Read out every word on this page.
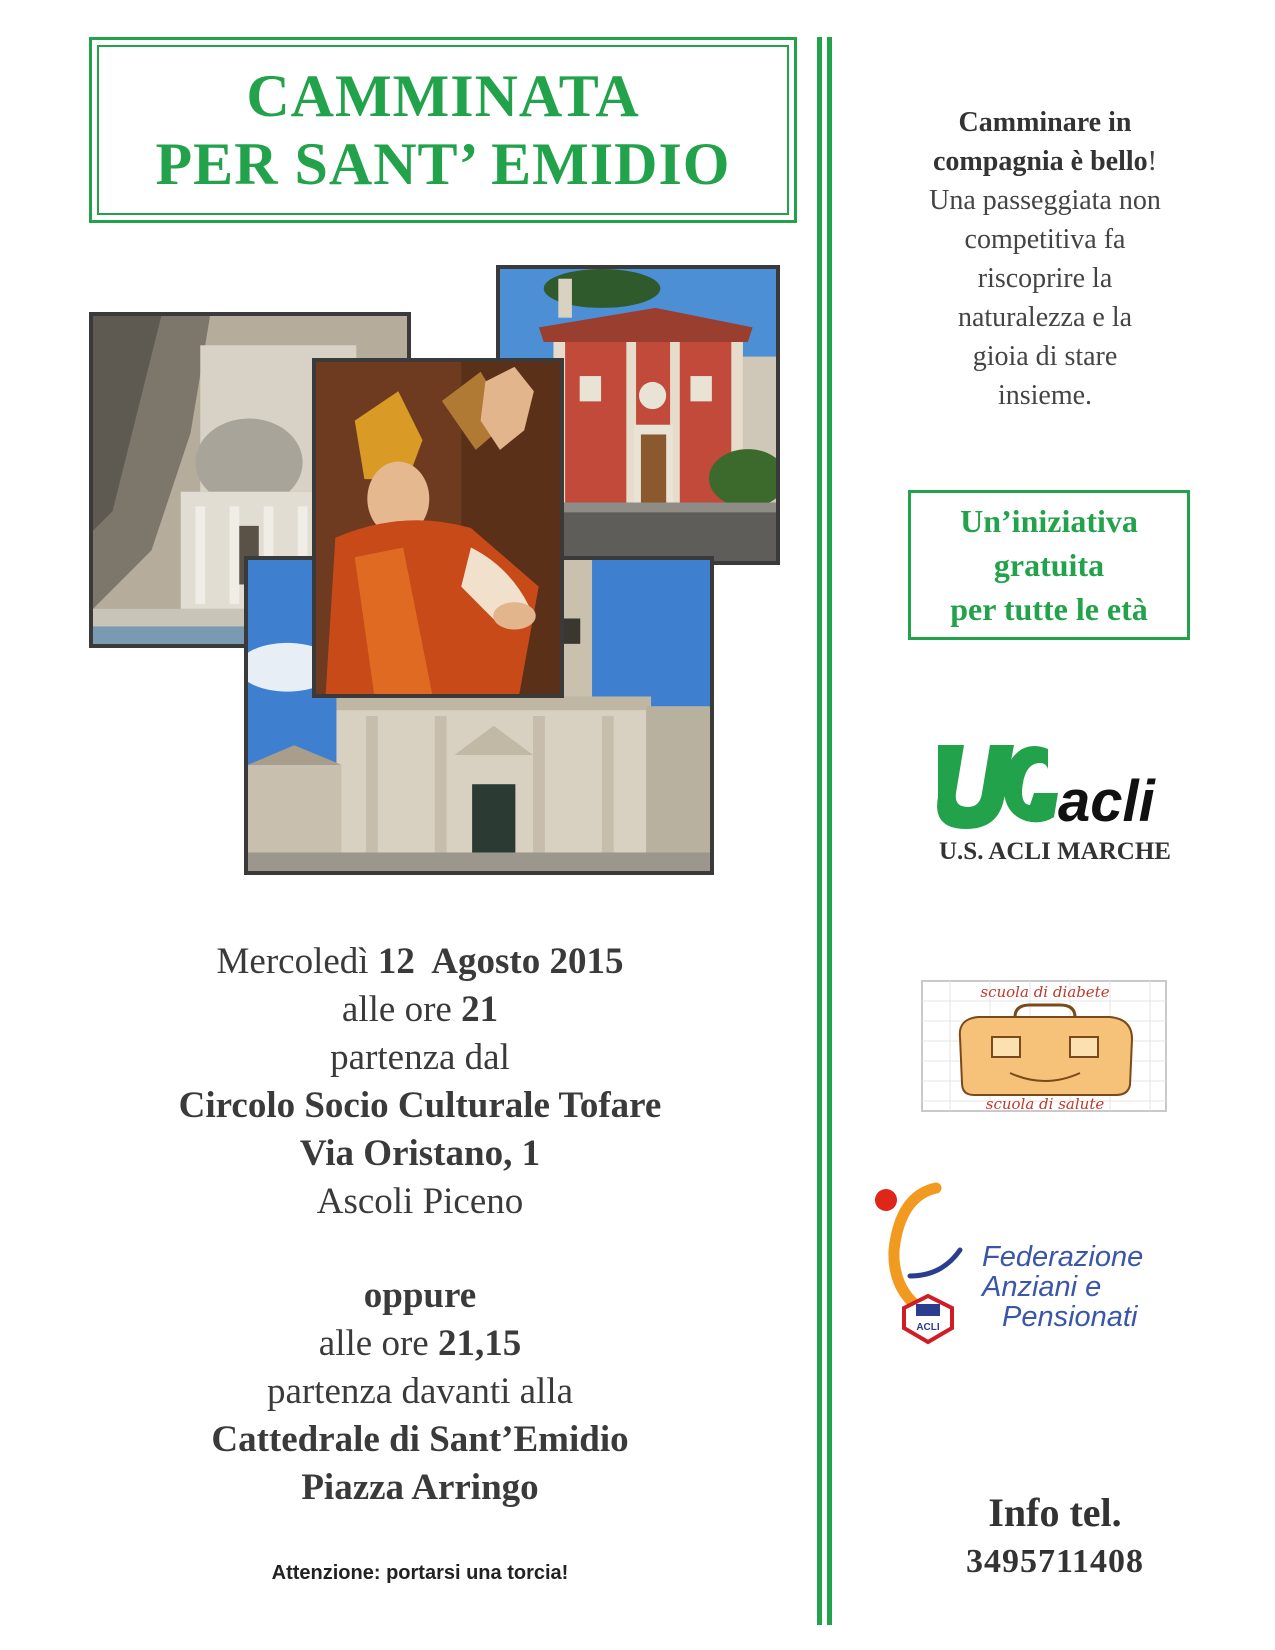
CAMMINATA
PER SANT’ EMIDIO
Mercoledì 12  Agosto 2015
alle ore 21
partenza dal
Circolo Socio Culturale Tofare
Via Oristano, 1
Ascoli Piceno
oppure
alle ore 21,15
partenza davanti alla
Cattedrale di Sant’Emidio
Piazza Arringo
Attenzione: portarsi una torcia!
Camminare in
compagnia è bello!
Una passeggiata non
competitiva fa
riscoprire la
naturalezza e la
gioia di stare
insieme.
Un’iniziativa
gratuita
per tutte le età
acli
U.S. ACLI MARCHE
scuola di diabete
scuola di salute
ACLI
Federazione
Anziani e
Pensionati
Info tel.
3495711408
